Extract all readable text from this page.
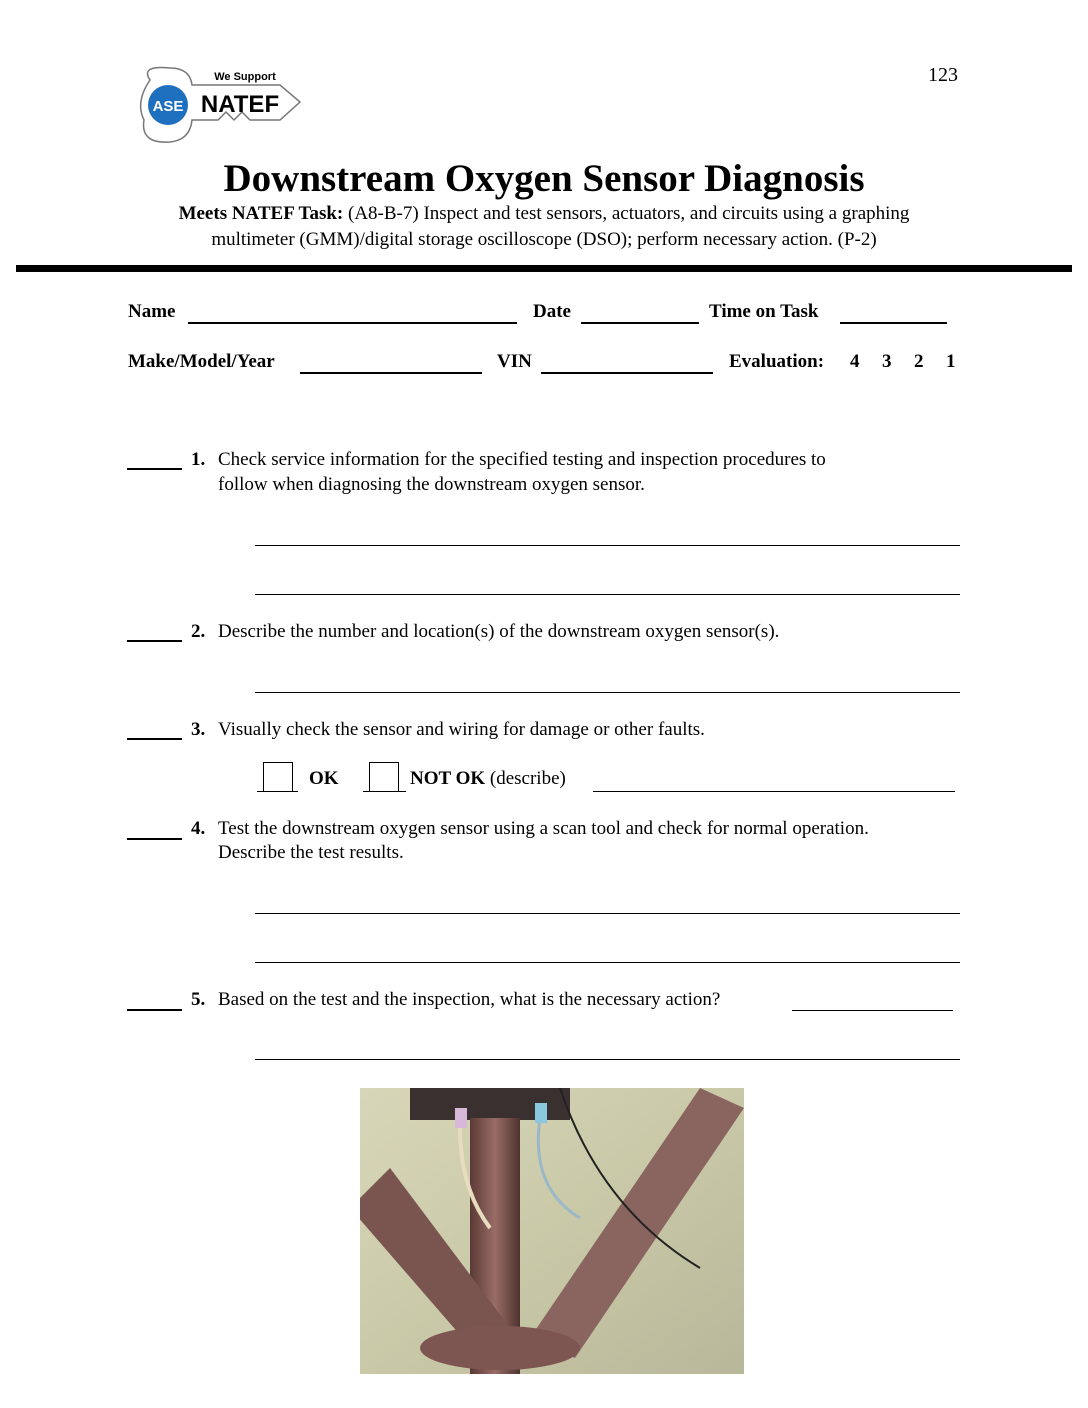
123
ASE
We Support
NATEF
Downstream Oxygen Sensor Diagnosis
Meets NATEF Task: (A8-B-7) Inspect and test sensors, actuators, and circuits using a graphing
multimeter (GMM)/digital storage oscilloscope (DSO); perform necessary action. (P-2)
Name	Date	Time on Task
Make/Model/Year	VIN	Evaluation: 4 3 2 1
1. Check service information for the specified testing and inspection procedures to
follow when diagnosing the downstream oxygen sensor.
2. Describe the number and location(s) of the downstream oxygen sensor(s).
3. Visually check the sensor and wiring for damage or other faults.
OK	NOT OK (describe)
4. Test the downstream oxygen sensor using a scan tool and check for normal operation.
Describe the test results.
5. Based on the test and the inspection, what is the necessary action?
